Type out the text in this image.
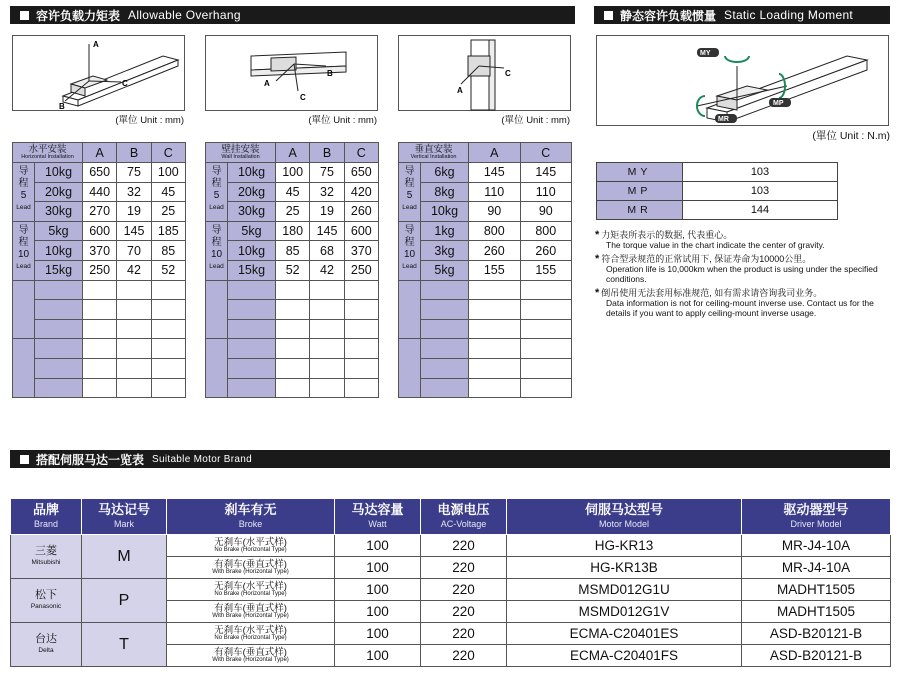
容许负载力矩表 Allowable Overhang	静态容许负载惯量 Static Loading Moment
搭配伺服马达一览表 Suitable Motor Brand
A
C
B
(單位 Unit : mm)
A
B
C
(單位 Unit : mm)
A
C
(單位 Unit : mm)
MY
MP
MR
(單位 Unit : N.m)
水平安装
Horizontal Installation		A	B	C

导
程
5
Lead	10kg	650	75	100
	20kg	440	32	45
	30kg	270	19	25

导
程
10
Lead	5kg	600	145	185
	10kg	370	70	85
	15kg	250	42	52

壁挂安装
Wall Installation		A	B	C

导
程
5
Lead	10kg	100	75	650
	20kg	45	32	420
	30kg	25	19	260

导
程
10
Lead	5kg	180	145	600
	10kg	85	68	370
	15kg	52	42	250

垂直安装
Vertical Installation		A	C

导
程
5
Lead	6kg	145	145
	8kg	110	110
	10kg	90	90

导
程
10
Lead	1kg	800	800
	3kg	260	260
	5kg	155	155

MY	103
MP	103
MR	144
* 力矩表所表示的数据, 代表重心。
The torque value in the chart indicate the center of gravity.
* 符合型录规范的正常试用下, 保证寿命为10000公里。
Operation life is 10,000km when the product is using under the specified conditions.
* 倒吊使用无法套用标准规范, 如有需求请咨询我司业务。
Data information is not for ceiling-mount inverse use. Contact us for the details if you want to apply ceiling-mount inverse usage.
品牌
Brand	马达记号
Mark	刹车有无
Broke	马达容量
Watt	电源电压
AC-Voltage	伺服马达型号
Motor Model	驱动器型号
Driver Model

三菱
Mitsubishi	M	无刹车(水平式样)
No Brake (Horizontal Type)	100	220	HG-KR13	MR-J4-10A

		有刹车(垂直式样)
With Brake (Horizontal Type)	100	220	HG-KR13B	MR-J4-10A

松下
Panasonic	P	无刹车(水平式样)
No Brake (Horizontal Type)	100	220	MSMD012G1U	MADHT1505

		有刹车(垂直式样)
With Brake (Horizontal Type)	100	220	MSMD012G1V	MADHT1505

台达
Delta	T	无刹车(水平式样)
No Brake (Horizontal Type)	100	220	ECMA-C20401ES	ASD-B20121-B

		有刹车(垂直式样)
With Brake (Horizontal Type)	100	220	ECMA-C20401FS	ASD-B20121-B
